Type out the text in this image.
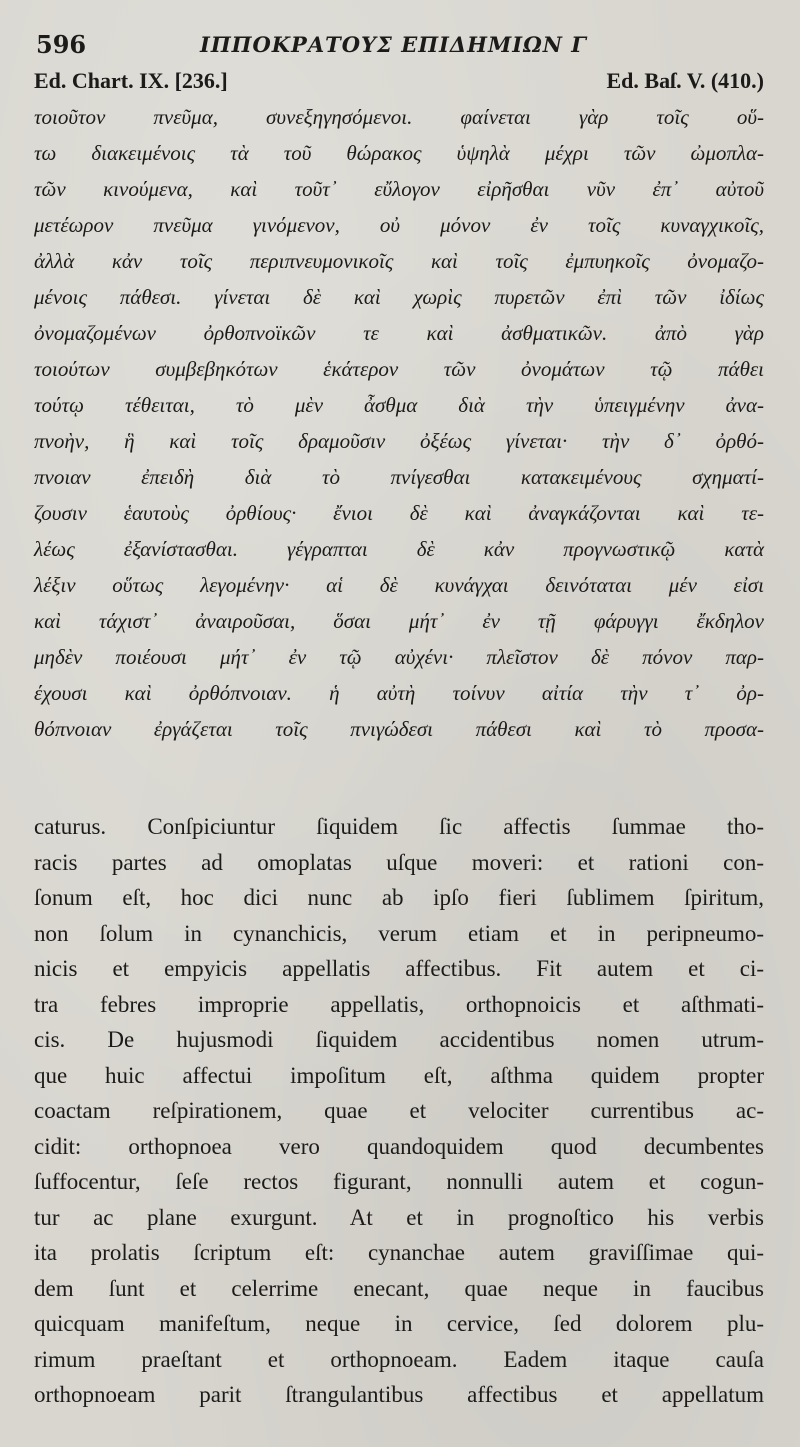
596	ΙΠΠΟΚΡΑΤΟΥΣ ΕΠΙΔΗΜΙΩΝ Γ
Ed. Chart. IX. [236.]	Ed. Baſ. V. (410.)
τοιοῦτον πνεῦμα, συνεξηγησόμενοι. φαίνεται γὰρ τοῖς οὕ-
τω διακειμένοις τὰ τοῦ θώρακος ὑψηλὰ μέχρι τῶν ὠμοπλα-
τῶν κινούμενα, καὶ τοῦτ᾽ εὔλογον εἰρῆσθαι νῦν ἐπ᾽ αὐτοῦ
μετέωρον πνεῦμα γινόμενον, οὐ μόνον ἐν τοῖς κυναγχικοῖς,
ἀλλὰ κἀν τοῖς περιπνευμονικοῖς καὶ τοῖς ἐμπυηκοῖς ὀνομαζο-
μένοις πάθεσι. γίνεται δὲ καὶ χωρὶς πυρετῶν ἐπὶ τῶν ἰδίως
ὀνομαζομένων ὀρθοπνοϊκῶν τε καὶ ἀσθματικῶν. ἀπὸ γὰρ
τοιούτων συμβεβηκότων ἑκάτερον τῶν ὀνομάτων τῷ πάθει
τούτῳ τέθειται, τὸ μὲν ἆσθμα διὰ τὴν ὑπειγμένην ἀνα-
πνοὴν, ἣ καὶ τοῖς δραμοῦσιν ὀξέως γίνεται· τὴν δ᾽ ὀρθό-
πνοιαν ἐπειδὴ διὰ τὸ πνίγεσθαι κατακειμένους σχηματί-
ζουσιν ἑαυτοὺς ὀρθίους· ἔνιοι δὲ καὶ ἀναγκάζονται καὶ τε-
λέως ἐξανίστασθαι. γέγραπται δὲ κἀν προγνωστικῷ κατὰ
λέξιν οὕτως λεγομένην· αἱ δὲ κυνάγχαι δεινόταται μέν εἰσι
καὶ τάχιστ᾽ ἀναιροῦσαι, ὅσαι μήτ᾽ ἐν τῇ φάρυγγι ἔκδηλον
μηδὲν ποιέουσι μήτ᾽ ἐν τῷ αὐχένι· πλεῖστον δὲ πόνον παρ-
έχουσι καὶ ὀρθόπνοιαν. ἡ αὐτὴ τοίνυν αἰτία τὴν τ᾽ ὀρ-
θόπνοιαν ἐργάζεται τοῖς πνιγώδεσι πάθεσι καὶ τὸ προσα-
caturus. Conſpiciuntur ſiquidem ſic affectis ſummae tho-
racis partes ad omoplatas uſque moveri: et rationi con-
ſonum eſt, hoc dici nunc ab ipſo fieri ſublimem ſpiritum,
non ſolum in cynanchicis, verum etiam et in peripneumo-
nicis et empyicis appellatis affectibus. Fit autem et ci-
tra febres improprie appellatis, orthopnoicis et aſthmati-
cis. De hujusmodi ſiquidem accidentibus nomen utrum-
que huic affectui impoſitum eſt, aſthma quidem propter
coactam reſpirationem, quae et velociter currentibus ac-
cidit: orthopnoea vero quandoquidem quod decumbentes
ſuffocentur, ſeſe rectos figurant, nonnulli autem et cogun-
tur ac plane exurgunt. At et in prognoſtico his verbis
ita prolatis ſcriptum eſt: cynanchae autem graviſſimae qui-
dem ſunt et celerrime enecant, quae neque in faucibus
quicquam manifeſtum, neque in cervice, ſed dolorem plu-
rimum praeſtant et orthopnoeam. Eadem itaque cauſa
orthopnoeam parit ſtrangulantibus affectibus et appellatum
